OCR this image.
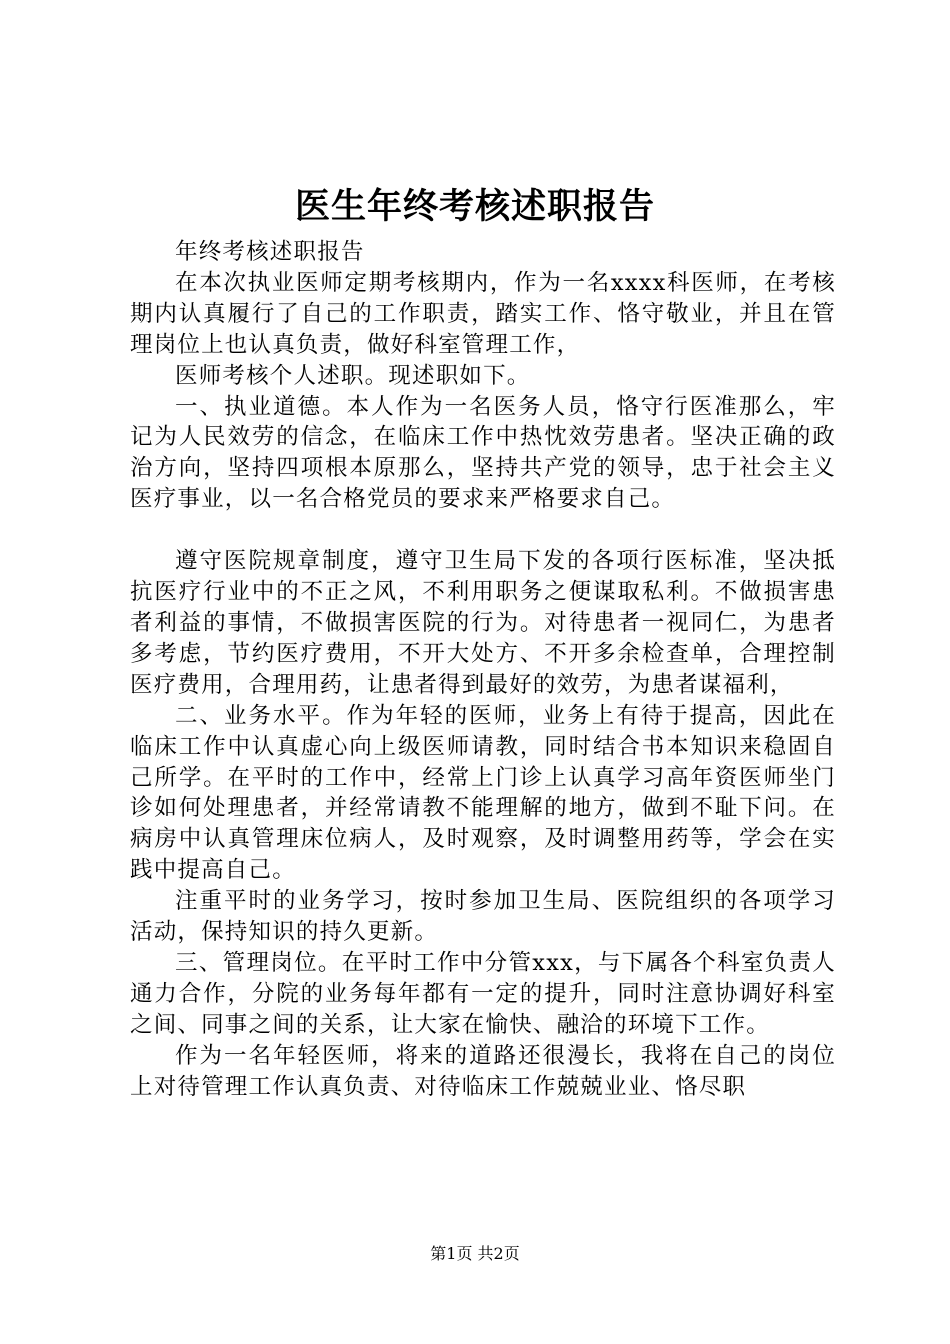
医生年终考核述职报告

年终考核述职报告

在本次执业医师定期考核期内，作为一名xxxx科医师，在考核期内认真履行了自己的工作职责，踏实工作、恪守敬业，并且在管理岗位上也认真负责，做好科室管理工作，

医师考核个人述职。现述职如下。

一、执业道德。本人作为一名医务人员，恪守行医准那么，牢记为人民效劳的信念，在临床工作中热忱效劳患者。坚决正确的政治方向，坚持四项根本原那么，坚持共产党的领导，忠于社会主义医疗事业，以一名合格党员的要求来严格要求自己。

遵守医院规章制度，遵守卫生局下发的各项行医标准，坚决抵抗医疗行业中的不正之风，不利用职务之便谋取私利。不做损害患者利益的事情，不做损害医院的行为。对待患者一视同仁，为患者多考虑，节约医疗费用，不开大处方、不开多余检查单，合理控制医疗费用，合理用药，让患者得到最好的效劳，为患者谋福利，

二、业务水平。作为年轻的医师，业务上有待于提高，因此在临床工作中认真虚心向上级医师请教，同时结合书本知识来稳固自己所学。在平时的工作中，经常上门诊上认真学习高年资医师坐门诊如何处理患者，并经常请教不能理解的地方，做到不耻下问。在病房中认真管理床位病人，及时观察，及时调整用药等，学会在实践中提高自己。

注重平时的业务学习，按时参加卫生局、医院组织的各项学习活动，保持知识的持久更新。

三、管理岗位。在平时工作中分管xxx，与下属各个科室负责人通力合作，分院的业务每年都有一定的提升，同时注意协调好科室之间、同事之间的关系，让大家在愉快、融洽的环境下工作。

作为一名年轻医师，将来的道路还很漫长，我将在自己的岗位上对待管理工作认真负责、对待临床工作兢兢业业、恪尽职

第1页 共2页
